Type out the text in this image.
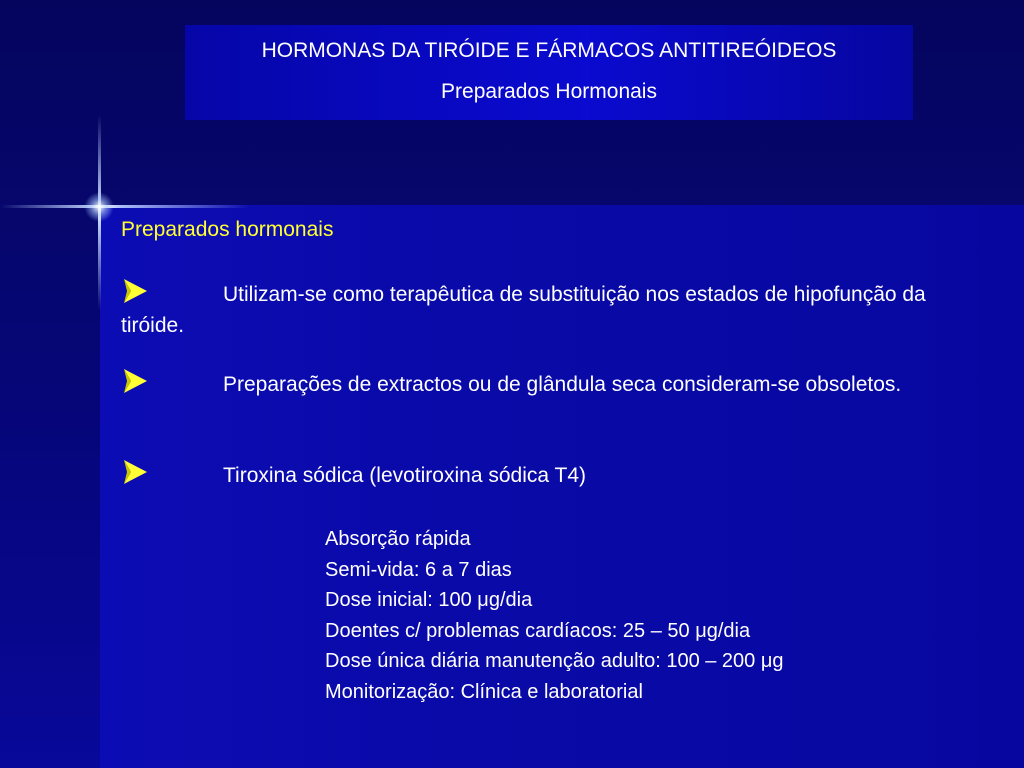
HORMONAS DA TIRÓIDE E FÁRMACOS ANTITIREÓIDEOS
Preparados Hormonais
Preparados hormonais
Utilizam-se como terapêutica de substituição nos estados de hipofunção da tiróide.
Preparações de extractos ou de glândula seca consideram-se obsoletos.
Tiroxina sódica (levotiroxina sódica T4)
Absorção rápida
Semi-vida: 6 a 7 dias
Dose inicial: 100 μg/dia
Doentes c/ problemas cardíacos: 25 – 50 μg/dia
Dose única diária manutenção adulto: 100 – 200 μg
Monitorização: Clínica e laboratorial
